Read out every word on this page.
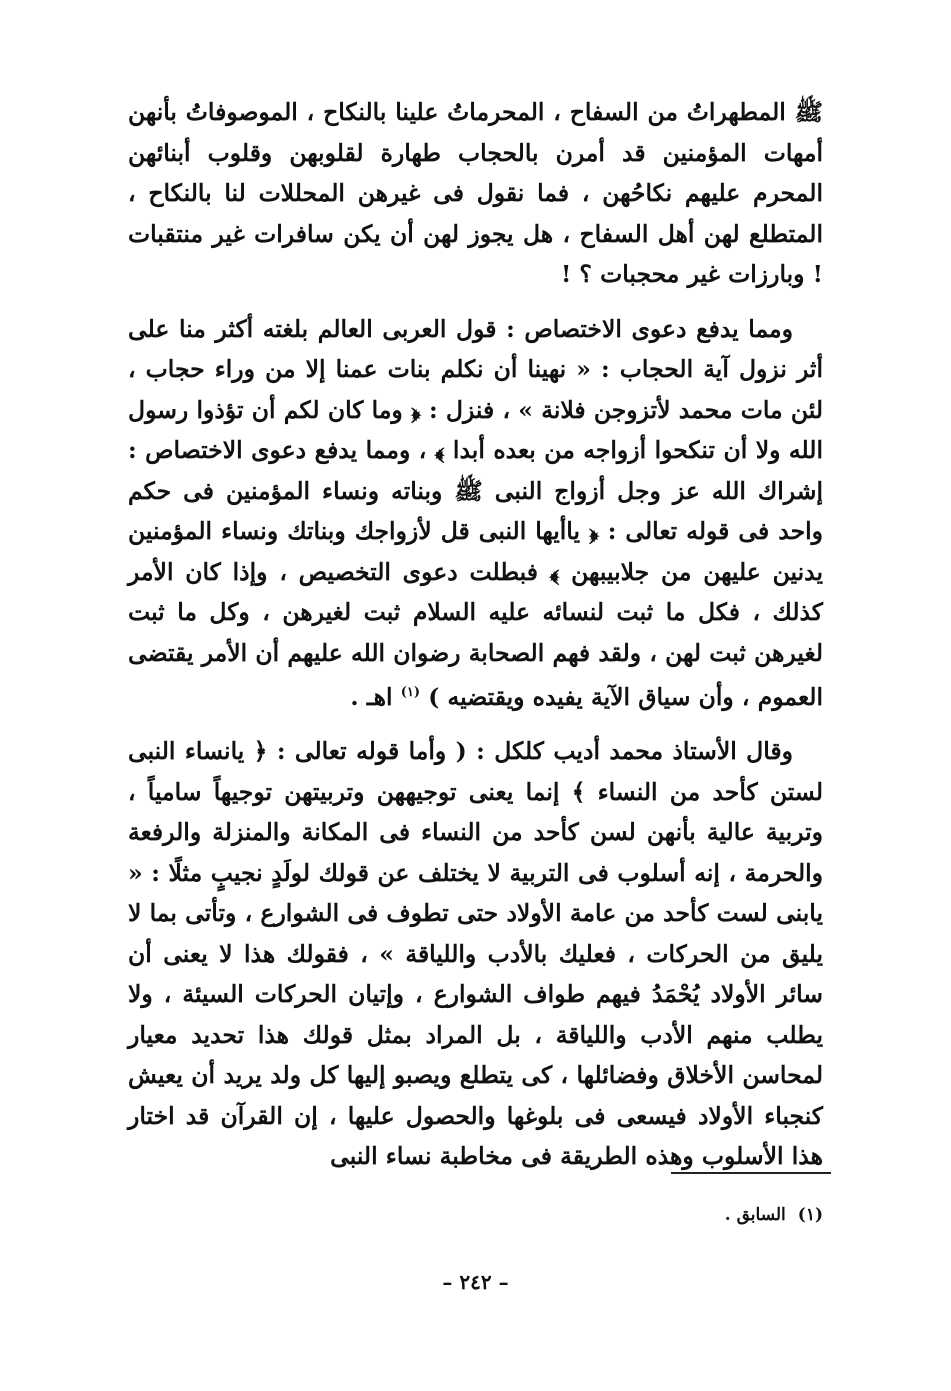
ﷺ المطهراتُ من السفاح ، المحرماتُ علينا بالنكاح ، الموصوفاتُ بأنهن أمهات المؤمنين قد أمرن بالحجاب طهارة لقلوبهن وقلوب أبنائهن المحرم عليهم نكاحُهن ، فما نقول فى غيرهن المحللات لنا بالنكاح ، المتطلع لهن أهل السفاح ، هل يجوز لهن أن يكن سافرات غير منتقبات ! وبارزات غير محجبات ؟ !

ومما يدفع دعوى الاختصاص : قول العربى العالم بلغته أكثر منا على أثر نزول آية الحجاب : « نهينا أن نكلم بنات عمنا إلا من وراء حجاب ، لئن مات محمد لأتزوجن فلانة » ، فنزل : ﴿ وما كان لكم أن تؤذوا رسول الله ولا أن تنكحوا أزواجه من بعده أبدا ﴾ ، ومما يدفع دعوى الاختصاص : إشراك الله عز وجل أزواج النبى ﷺ وبناته ونساء المؤمنين فى حكم واحد فى قوله تعالى : ﴿ ياأيها النبى قل لأزواجك وبناتك ونساء المؤمنين يدنين عليهن من جلابيبهن ﴾ فبطلت دعوى التخصيص ، وإذا كان الأمر كذلك ، فكل ما ثبت لنسائه عليه السلام ثبت لغيرهن ، وكل ما ثبت لغيرهن ثبت لهن ، ولقد فهم الصحابة رضوان الله عليهم أن الأمر يقتضى العموم ، وأن سياق الآية يفيده ويقتضيه ) $^{(١)}$ اهـ .

وقال الأستاذ محمد أديب كلكل : ( وأما قوله تعالى : ﴿ يانساء النبى لستن كأحد من النساء ﴾ إنما يعنى توجيههن وتربيتهن توجيهاً سامياً ، وتربية عالية بأنهن لسن كأحد من النساء فى المكانة والمنزلة والرفعة والحرمة ، إنه أسلوب فى التربية لا يختلف عن قولك لولَدٍ نجيبٍ مثلًا : « يابنى لست كأحد من عامة الأولاد حتى تطوف فى الشوارع ، وتأتى بما لا يليق من الحركات ، فعليك بالأدب واللياقة » ، فقولك هذا لا يعنى أن سائر الأولاد يُحْمَدُ فيهم طواف الشوارع ، وإتيان الحركات السيئة ، ولا يطلب منهم الأدب واللياقة ، بل المراد بمثل قولك هذا تحديد معيار لمحاسن الأخلاق وفضائلها ، كى يتطلع ويصبو إليها كل ولد يريد أن يعيش كنجباء الأولاد فيسعى فى بلوغها والحصول عليها ، إن القرآن قد اختار هذا الأسلوب وهذه الطريقة فى مخاطبة نساء النبى

(١)السابق .
– ٢٤٢ –
